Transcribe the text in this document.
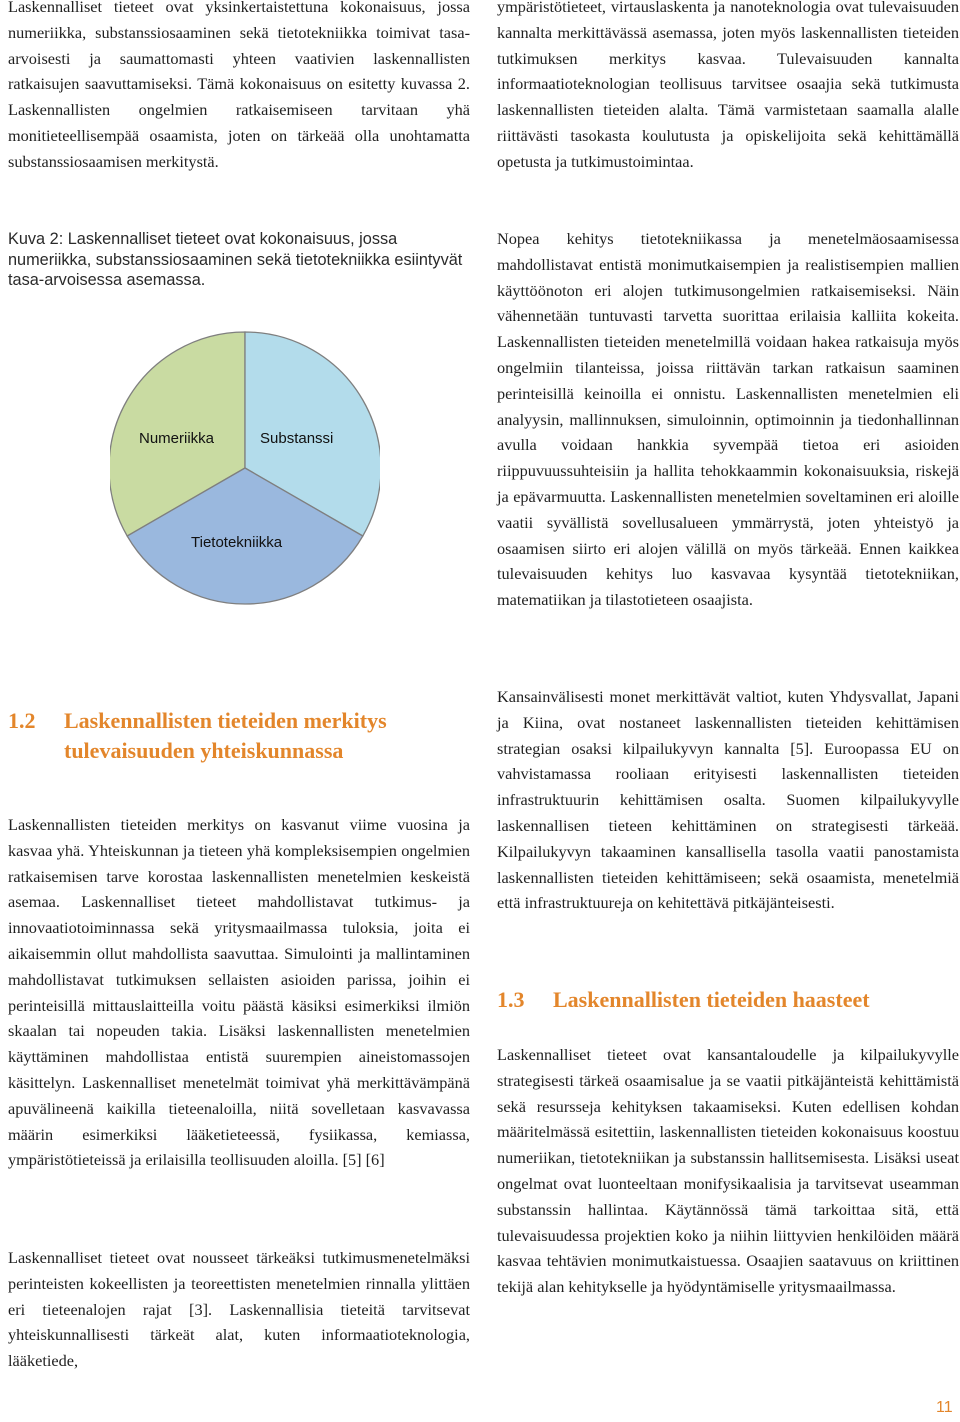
Laskennalliset tieteet ovat yksinkertaistettuna kokonaisuus, jossa numeriikka, substanssiosaaminen sekä tietotekniikka toimivat tasa-arvoisesti ja saumattomasti yhteen vaativien laskennallisten ratkaisujen saavuttamiseksi. Tämä kokonaisuus on esitetty kuvassa 2. Laskennallisten ongelmien ratkaisemiseen tarvitaan yhä monitieteellisempää osaamista, joten on tärkeää olla unohtamatta substanssiosaamisen merkitystä.

Kuva 2: Laskennalliset tieteet ovat kokonaisuus, jossa numeriikka, substanssiosaaminen sekä tietotekniikka esiintyvät tasa-arvoisessa asemassa.

1.2 Laskennallisten tieteiden merkitys tulevaisuuden yhteiskunnassa

Laskennallisten tieteiden merkitys on kasvanut viime vuosina ja kasvaa yhä. Yhteiskunnan ja tieteen yhä kompleksisempien ongelmien ratkaisemisen tarve korostaa laskennallisten menetelmien keskeistä asemaa. Laskennalliset tieteet mahdollistavat tutkimus- ja innovaatiotoiminnassa sekä yritysmaailmassa tuloksia, joita ei aikaisemmin ollut mahdollista saavuttaa. Simulointi ja mallintaminen mahdollistavat tutkimuksen sellaisten asioiden parissa, joihin ei perinteisillä mittauslaitteilla voitu päästä käsiksi esimerkiksi ilmiön skaalan tai nopeuden takia. Lisäksi laskennallisten menetelmien käyttäminen mahdollistaa entistä suurempien aineistomassojen käsittelyn. Laskennalliset menetelmät toimivat yhä merkittävämpänä apuvälineenä kaikilla tieteenaloilla, niitä sovelletaan kasvavassa määrin esimerkiksi lääketieteessä, fysiikassa, kemiassa, ympäristötieteissä ja erilaisilla teollisuuden aloilla. [5] [6]

Laskennalliset tieteet ovat nousseet tärkeäksi tutkimusmenetelmäksi perinteisten kokeellisten ja teoreettisten menetelmien rinnalla ylittäen eri tieteenalojen rajat [3]. Laskennallisia tieteitä tarvitsevat yhteiskunnallisesti tärkeät alat, kuten informaatioteknologia, lääketiede,

Numeriikka	Substanssi
Tietotekniikka

ympäristötieteet, virtauslaskenta ja nanoteknologia ovat tulevaisuuden kannalta merkittävässä asemassa, joten myös laskennallisten tieteiden tutkimuksen merkitys kasvaa. Tulevaisuuden kannalta informaatioteknologian teollisuus tarvitsee osaajia sekä tutkimusta laskennallisten tieteiden alalta. Tämä varmistetaan saamalla alalle riittävästi tasokasta koulutusta ja opiskelijoita sekä kehittämällä opetusta ja tutkimustoimintaa.

Nopea kehitys tietotekniikassa ja menetelmäosaamisessa mahdollistavat entistä monimutkaisempien ja realistisempien mallien käyttöönoton eri alojen tutkimusongelmien ratkaisemiseksi. Näin vähennetään tuntuvasti tarvetta suorittaa erilaisia kalliita kokeita. Laskennallisten tieteiden menetelmillä voidaan hakea ratkaisuja myös ongelmiin tilanteissa, joissa riittävän tarkan ratkaisun saaminen perinteisillä keinoilla ei onnistu. Laskennallisten menetelmien eli analyysin, mallinnuksen, simuloinnin, optimoinnin ja tiedonhallinnan avulla voidaan hankkia syvempää tietoa eri asioiden riippuvuussuhteisiin ja hallita tehokkaammin kokonaisuuksia, riskejä ja epävarmuutta. Laskennallisten menetelmien soveltaminen eri aloille vaatii syvällistä sovellusalueen ymmärrystä, joten yhteistyö ja osaamisen siirto eri alojen välillä on myös tärkeää. Ennen kaikkea tulevaisuuden kehitys luo kasvavaa kysyntää tietotekniikan, matematiikan ja tilastotieteen osaajista.

Kansainvälisesti monet merkittävät valtiot, kuten Yhdysvallat, Japani ja Kiina, ovat nostaneet laskennallisten tieteiden kehittämisen strategian osaksi kilpailukyvyn kannalta [5]. Euroopassa EU on vahvistamassa rooliaan erityisesti laskennallisten tieteiden infrastruktuurin kehittämisen osalta. Suomen kilpailukyvylle laskennallisen tieteen kehittäminen on strategisesti tärkeää. Kilpailukyvyn takaaminen kansallisella tasolla vaatii panostamista laskennallisten tieteiden kehittämiseen; sekä osaamista, menetelmiä että infrastruktuureja on kehitettävä pitkäjänteisesti.

1.3 Laskennallisten tieteiden haasteet

Laskennalliset tieteet ovat kansantaloudelle ja kilpailukyvylle strategisesti tärkeä osaamisalue ja se vaatii pitkäjänteistä kehittämistä sekä resursseja kehityksen takaamiseksi. Kuten edellisen kohdan määritelmässä esitettiin, laskennallisten tieteiden kokonaisuus koostuu numeriikan, tietotekniikan ja substanssin hallitsemisesta. Lisäksi useat ongelmat ovat luonteeltaan monifysikaalisia ja tarvitsevat useamman substanssin hallintaa. Käytännössä tämä tarkoittaa sitä, että tulevaisuudessa projektien koko ja niihin liittyvien henkilöiden määrä kasvaa tehtävien monimutkaistuessa. Osaajien saatavuus on kriittinen tekijä alan kehitykselle ja hyödyntämiselle yritysmaailmassa.

11
